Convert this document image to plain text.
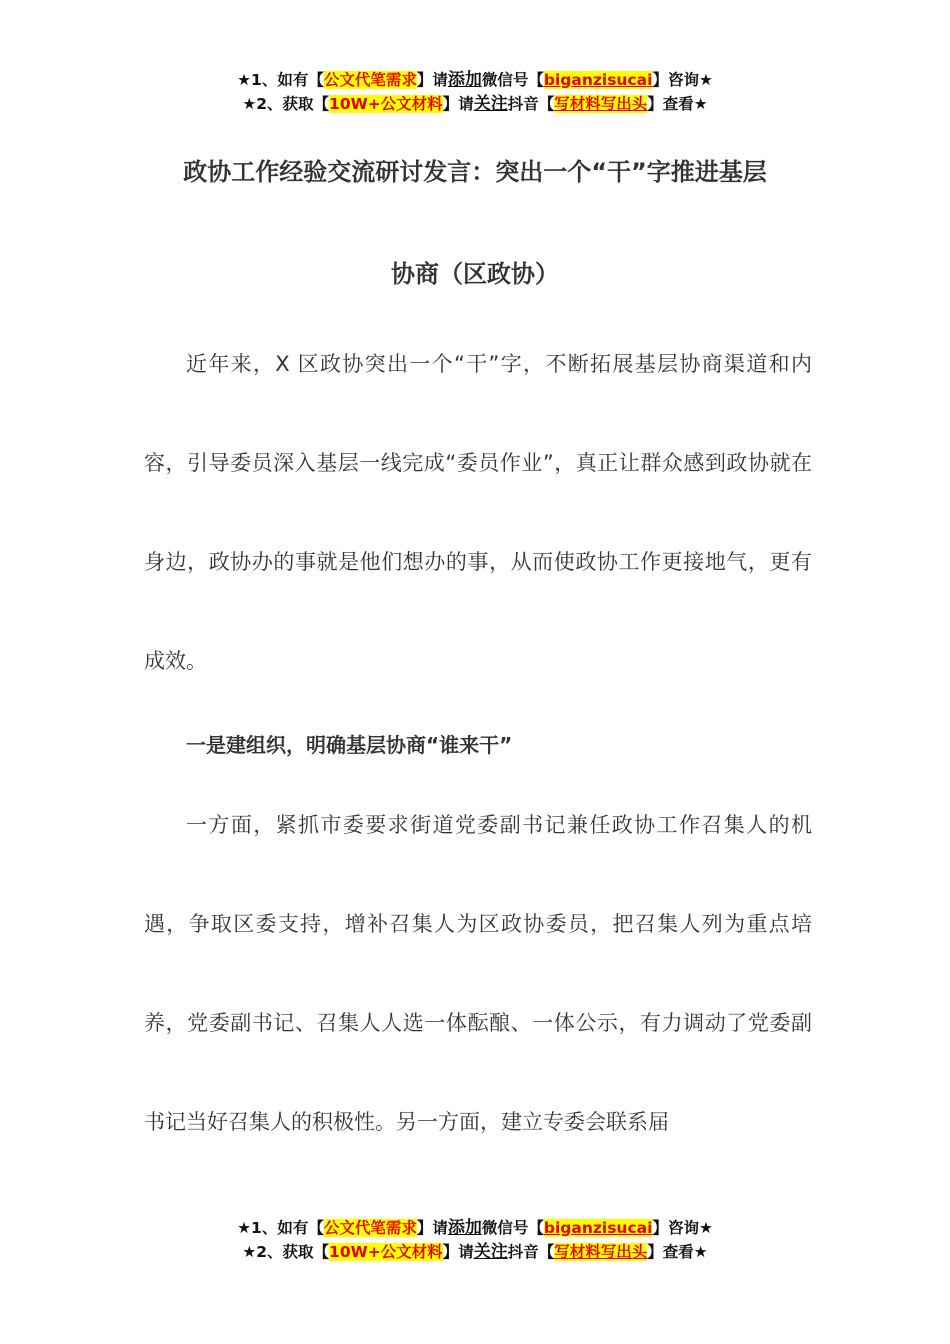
★1、如有【公文代笔需求】请添加微信号【biganzisucai】咨询★
★2、获取【10W+公文材料】请关注抖音【写材料写出头】查看★
政协工作经验交流研讨发言：突出一个“干”字推进基层
协商（区政协）

近年来，X 区政协突出一个“干”字，不断拓展基层协商渠道和内容，引导委员深入基层一线完成“委员作业”，真正让群众感到政协就在身边，政协办的事就是他们想办的事，从而使政协工作更接地气，更有成效。

一是建组织，明确基层协商“谁来干”

一方面，紧抓市委要求街道党委副书记兼任政协工作召集人的机遇，争取区委支持，增补召集人为区政协委员，把召集人列为重点培养，党委副书记、召集人人选一体酝酿、一体公示，有力调动了党委副书记当好召集人的积极性。另一方面，建立专委会联系届

★1、如有【公文代笔需求】请添加微信号【biganzisucai】咨询★
★2、获取【10W+公文材料】请关注抖音【写材料写出头】查看★
